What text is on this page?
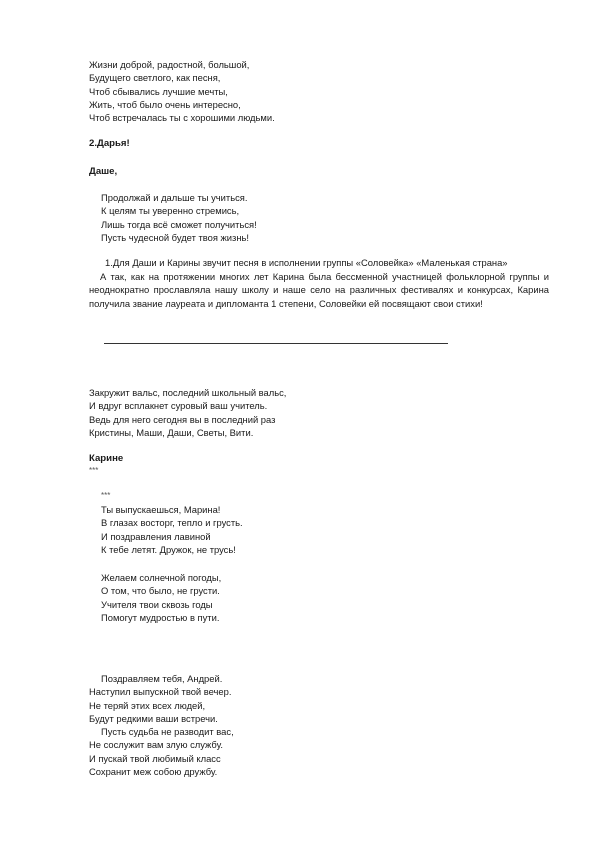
Жизни доброй, радостной, большой,
Будущего светлого, как песня,
Чтоб сбывались лучшие мечты,
Жить, чтоб было очень интересно,
Чтоб встречалась ты с хорошими людьми.
2.Дарья!
Даше,
Продолжай и дальше ты учиться.
К целям ты уверенно стремись,
Лишь тогда всё сможет получиться!
Пусть чудесной будет твоя жизнь!
1.Для Даши и Карины звучит песня в исполнении группы «Соловейка» «Маленькая страна»
А так, как на протяжении многих лет Карина была бессменной участницей фольклорной группы и неоднократно прославляла нашу школу и наше село на различных фестивалях и конкурсах, Карина получила звание лауреата и дипломанта 1 степени, Соловейки ей посвящают свои стихи!
Закружит вальс, последний школьный вальс,
И вдруг всплакнет суровый ваш учитель.
Ведь для него сегодня вы в последний раз
Кристины, Маши, Даши, Светы, Вити.
Карине
***
***
Ты выпускаешься, Марина!
В глазах восторг, тепло и грусть.
И поздравления лавиной
К тебе летят. Дружок, не трусь!
Желаем солнечной погоды,
О том, что было, не грусти.
Учителя твои сквозь годы
Помогут мудростью в пути.
Поздравляем тебя, Андрей.
Наступил выпускной твой вечер.
Не теряй этих всех людей,
Будут редкими ваши встречи.
Пусть судьба не разводит вас,
Не сослужит вам злую службу.
И пускай твой любимый класс
Сохранит меж собою дружбу.
